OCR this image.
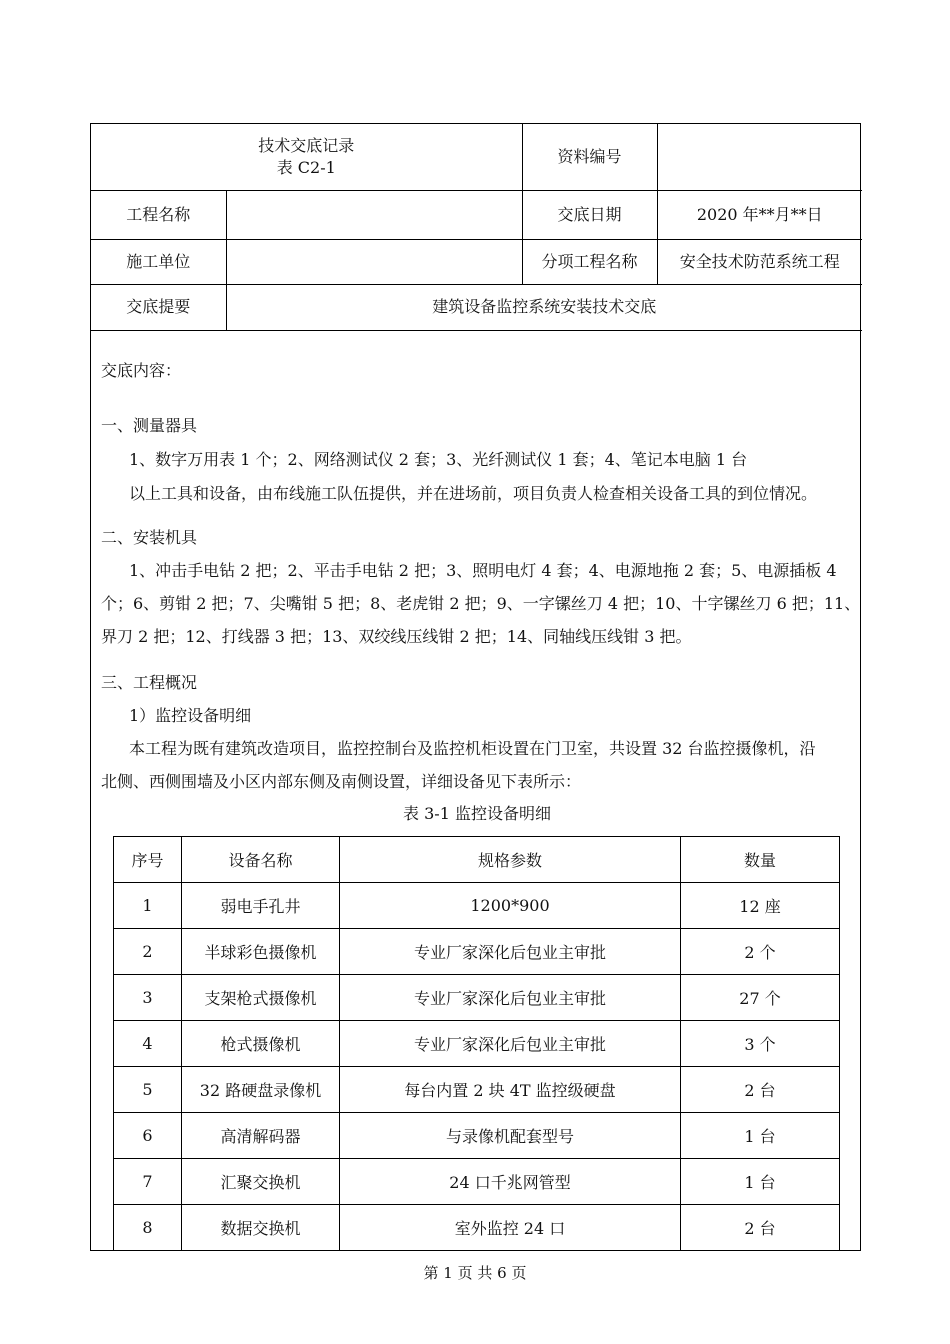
技术交底记录
表 C2-1		资料编号	
工程名称		交底日期	2020 年**月**日
施工单位		分项工程名称	安全技术防范系统工程
交底提要	建筑设备监控系统安装技术交底		
交底内容：
一、测量器具
1、数字万用表 1 个；2、网络测试仪 2 套；3、光纤测试仪 1 套；4、笔记本电脑 1 台
以上工具和设备，由布线施工队伍提供，并在进场前，项目负责人检查相关设备工具的到位情况。
二、安装机具
1、冲击手电钻 2 把；2、平击手电钻 2 把；3、照明电灯 4 套；4、电源地拖 2 套；5、电源插板 4
个；6、剪钳 2 把；7、尖嘴钳 5 把；8、老虎钳 2 把；9、一字镙丝刀 4 把；10、十字镙丝刀 6 把；11、
界刀 2 把；12、打线器 3 把；13、双绞线压线钳 2 把；14、同轴线压线钳 3 把。
三、工程概况
1）监控设备明细
本工程为既有建筑改造项目，监控控制台及监控机柜设置在门卫室，共设置 32 台监控摄像机，沿
北侧、西侧围墙及小区内部东侧及南侧设置，详细设备见下表所示：
表 3-1 监控设备明细
序号	设备名称	规格参数	数量
1	弱电手孔井	1200*900	12 座
2	半球彩色摄像机	专业厂家深化后包业主审批	2 个
3	支架枪式摄像机	专业厂家深化后包业主审批	27 个
4	枪式摄像机	专业厂家深化后包业主审批	3 个
5	32 路硬盘录像机	每台内置 2 块 4T 监控级硬盘	2 台
6	高清解码器	与录像机配套型号	1 台
7	汇聚交换机	24 口千兆网管型	1 台
8	数据交换机	室外监控 24 口	2 台
第 1 页 共 6 页
